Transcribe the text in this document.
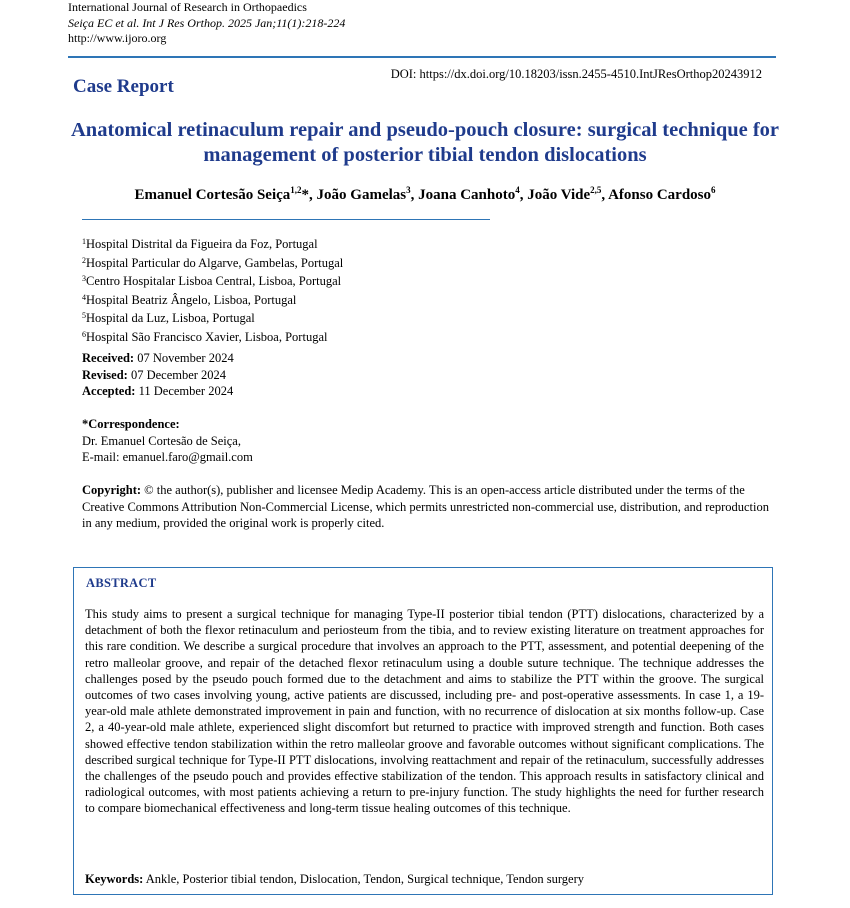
International Journal of Research in Orthopaedics
Seiça EC et al. Int J Res Orthop. 2025 Jan;11(1):218-224
http://www.ijoro.org
Case Report
DOI: https://dx.doi.org/10.18203/issn.2455-4510.IntJResOrthop20243912
Anatomical retinaculum repair and pseudo-pouch closure: surgical technique for management of posterior tibial tendon dislocations
Emanuel Cortesão Seiça$^{1,2}$*, João Gamelas$^3$, Joana Canhoto$^4$, João Vide$^{2,5}$, Afonso Cardoso$^6$
$^1$Hospital Distrital da Figueira da Foz, Portugal
$^2$Hospital Particular do Algarve, Gambelas, Portugal
$^3$Centro Hospitalar Lisboa Central, Lisboa, Portugal
$^4$Hospital Beatriz Ângelo, Lisboa, Portugal
$^5$Hospital da Luz, Lisboa, Portugal
$^6$Hospital São Francisco Xavier, Lisboa, Portugal
Received: 07 November 2024
Revised: 07 December 2024
Accepted: 11 December 2024
*Correspondence:
Dr. Emanuel Cortesão de Seiça,
E-mail: emanuel.faro@gmail.com
Copyright: © the author(s), publisher and licensee Medip Academy. This is an open-access article distributed under the terms of the Creative Commons Attribution Non-Commercial License, which permits unrestricted non-commercial use, distribution, and reproduction in any medium, provided the original work is properly cited.
ABSTRACT
This study aims to present a surgical technique for managing Type-II posterior tibial tendon (PTT) dislocations, characterized by a detachment of both the flexor retinaculum and periosteum from the tibia, and to review existing literature on treatment approaches for this rare condition. We describe a surgical procedure that involves an approach to the PTT, assessment, and potential deepening of the retro malleolar groove, and repair of the detached flexor retinaculum using a double suture technique. The technique addresses the challenges posed by the pseudo pouch formed due to the detachment and aims to stabilize the PTT within the groove. The surgical outcomes of two cases involving young, active patients are discussed, including pre- and post-operative assessments. In case 1, a 19-year-old male athlete demonstrated improvement in pain and function, with no recurrence of dislocation at six months follow-up. Case 2, a 40-year-old male athlete, experienced slight discomfort but returned to practice with improved strength and function. Both cases showed effective tendon stabilization within the retro malleolar groove and favorable outcomes without significant complications. The described surgical technique for Type-II PTT dislocations, involving reattachment and repair of the retinaculum, successfully addresses the challenges of the pseudo pouch and provides effective stabilization of the tendon. This approach results in satisfactory clinical and radiological outcomes, with most patients achieving a return to pre-injury function. The study highlights the need for further research to compare biomechanical effectiveness and long-term tissue healing outcomes of this technique.
Keywords: Ankle, Posterior tibial tendon, Dislocation, Tendon, Surgical technique, Tendon surgery
